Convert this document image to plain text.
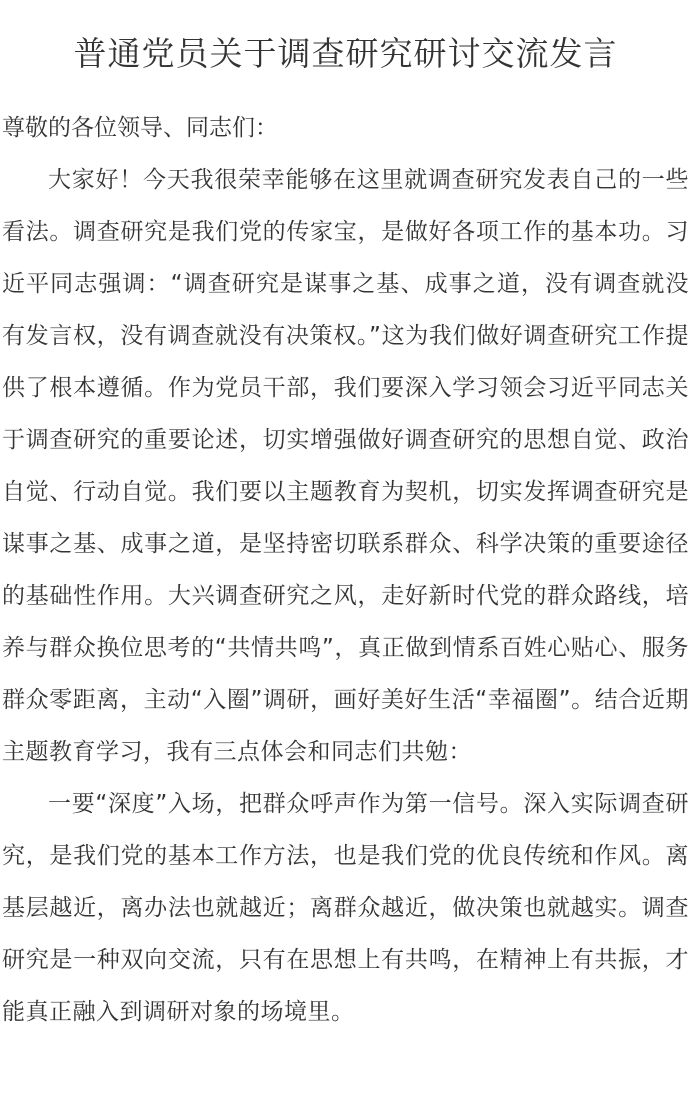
普通党员关于调查研究研讨交流发言

尊敬的各位领导、同志们：

大家好！今天我很荣幸能够在这里就调查研究发表自己的一些看法。调查研究是我们党的传家宝，是做好各项工作的基本功。习近平同志强调：“调查研究是谋事之基、成事之道，没有调查就没有发言权，没有调查就没有决策权。”这为我们做好调查研究工作提供了根本遵循。作为党员干部，我们要深入学习领会习近平同志关于调查研究的重要论述，切实增强做好调查研究的思想自觉、政治自觉、行动自觉。我们要以主题教育为契机，切实发挥调查研究是谋事之基、成事之道，是坚持密切联系群众、科学决策的重要途径的基础性作用。大兴调查研究之风，走好新时代党的群众路线，培养与群众换位思考的“共情共鸣”，真正做到情系百姓心贴心、服务群众零距离，主动“入圈”调研，画好美好生活“幸福圈”。结合近期主题教育学习，我有三点体会和同志们共勉：

一要“深度”入场，把群众呼声作为第一信号。深入实际调查研究，是我们党的基本工作方法，也是我们党的优良传统和作风。离基层越近，离办法也就越近；离群众越近，做决策也就越实。调查研究是一种双向交流，只有在思想上有共鸣，在精神上有共振，才能真正融入到调研对象的场境里。
